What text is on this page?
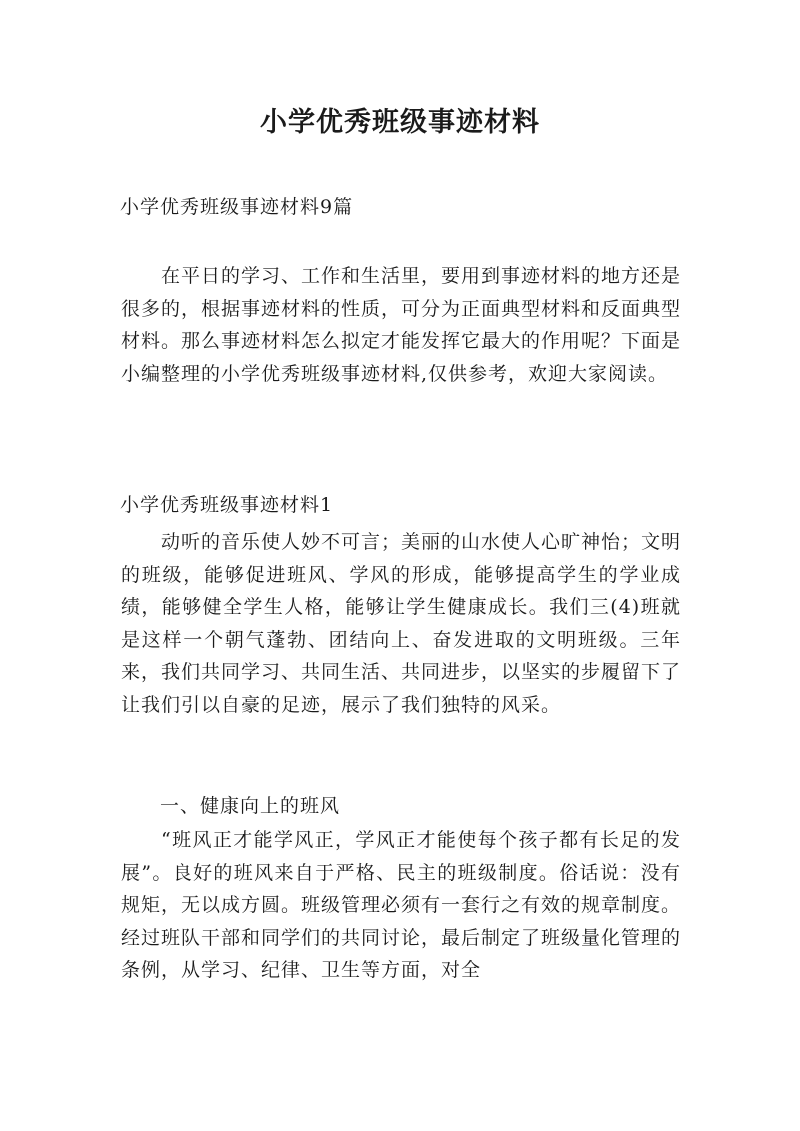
小学优秀班级事迹材料
小学优秀班级事迹材料9篇
在平日的学习、工作和生活里，要用到事迹材料的地方还是很多的，根据事迹材料的性质，可分为正面典型材料和反面典型材料。那么事迹材料怎么拟定才能发挥它最大的作用呢？下面是小编整理的小学优秀班级事迹材料,仅供参考，欢迎大家阅读。
小学优秀班级事迹材料1
动听的音乐使人妙不可言；美丽的山水使人心旷神怡；文明的班级，能够促进班风、学风的形成，能够提高学生的学业成绩，能够健全学生人格，能够让学生健康成长。我们三(4)班就是这样一个朝气蓬勃、团结向上、奋发进取的文明班级。三年来，我们共同学习、共同生活、共同进步，以坚实的步履留下了让我们引以自豪的足迹，展示了我们独特的风采。
一、健康向上的班风
“班风正才能学风正，学风正才能使每个孩子都有长足的发展”。良好的班风来自于严格、民主的班级制度。俗话说：没有规矩，无以成方圆。班级管理必须有一套行之有效的规章制度。经过班队干部和同学们的共同讨论，最后制定了班级量化管理的条例，从学习、纪律、卫生等方面，对全
